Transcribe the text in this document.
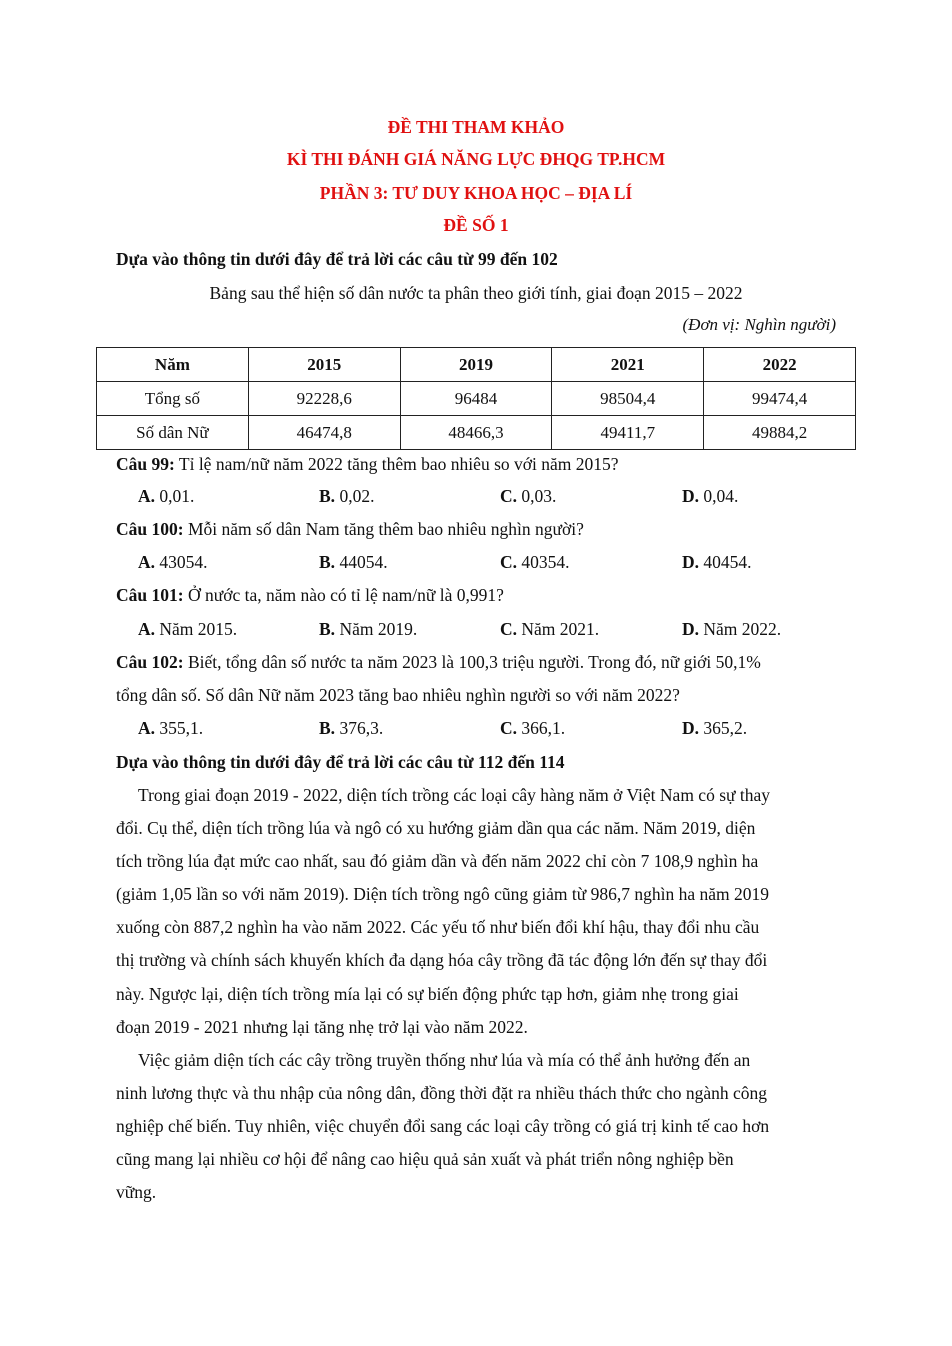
ĐỀ THI THAM KHẢO
KÌ THI ĐÁNH GIÁ NĂNG LỰC ĐHQG TP.HCM
PHẦN 3: TƯ DUY KHOA HỌC – ĐỊA LÍ
ĐỀ SỐ 1
Dựa vào thông tin dưới đây để trả lời các câu từ 99 đến 102
Bảng sau thể hiện số dân nước ta phân theo giới tính, giai đoạn 2015 – 2022
(Đơn vị: Nghìn người)
Năm	2015	2019	2021	2022
Tổng số	92228,6	96484	98504,4	99474,4
Số dân Nữ	46474,8	48466,3	49411,7	49884,2
Câu 99: Tỉ lệ nam/nữ năm 2022 tăng thêm bao nhiêu so với năm 2015?
A. 0,01.	B. 0,02.	C. 0,03.	D. 0,04.
Câu 100: Mỗi năm số dân Nam tăng thêm bao nhiêu nghìn người?
A. 43054.	B. 44054.	C. 40354.	D. 40454.
Câu 101: Ở nước ta, năm nào có tỉ lệ nam/nữ là 0,991?
A. Năm 2015.	B. Năm 2019.	C. Năm 2021.	D. Năm 2022.
Câu 102: Biết, tổng dân số nước ta năm 2023 là 100,3 triệu người. Trong đó, nữ giới 50,1%
tổng dân số. Số dân Nữ năm 2023 tăng bao nhiêu nghìn người so với năm 2022?
A. 355,1.	B. 376,3.	C. 366,1.	D. 365,2.
Dựa vào thông tin dưới đây để trả lời các câu từ 112 đến 114
Trong giai đoạn 2019 - 2022, diện tích trồng các loại cây hàng năm ở Việt Nam có sự thay
đổi. Cụ thể, diện tích trồng lúa và ngô có xu hướng giảm dần qua các năm. Năm 2019, diện
tích trồng lúa đạt mức cao nhất, sau đó giảm dần và đến năm 2022 chỉ còn 7 108,9 nghìn ha
(giảm 1,05 lần so với năm 2019). Diện tích trồng ngô cũng giảm từ 986,7 nghìn ha năm 2019
xuống còn 887,2 nghìn ha vào năm 2022. Các yếu tố như biến đổi khí hậu, thay đổi nhu cầu
thị trường và chính sách khuyến khích đa dạng hóa cây trồng đã tác động lớn đến sự thay đổi
này. Ngược lại, diện tích trồng mía lại có sự biến động phức tạp hơn, giảm nhẹ trong giai
đoạn 2019 - 2021 nhưng lại tăng nhẹ trở lại vào năm 2022.
Việc giảm diện tích các cây trồng truyền thống như lúa và mía có thể ảnh hưởng đến an
ninh lương thực và thu nhập của nông dân, đồng thời đặt ra nhiều thách thức cho ngành công
nghiệp chế biến. Tuy nhiên, việc chuyển đổi sang các loại cây trồng có giá trị kinh tế cao hơn
cũng mang lại nhiều cơ hội để nâng cao hiệu quả sản xuất và phát triển nông nghiệp bền
vững.
